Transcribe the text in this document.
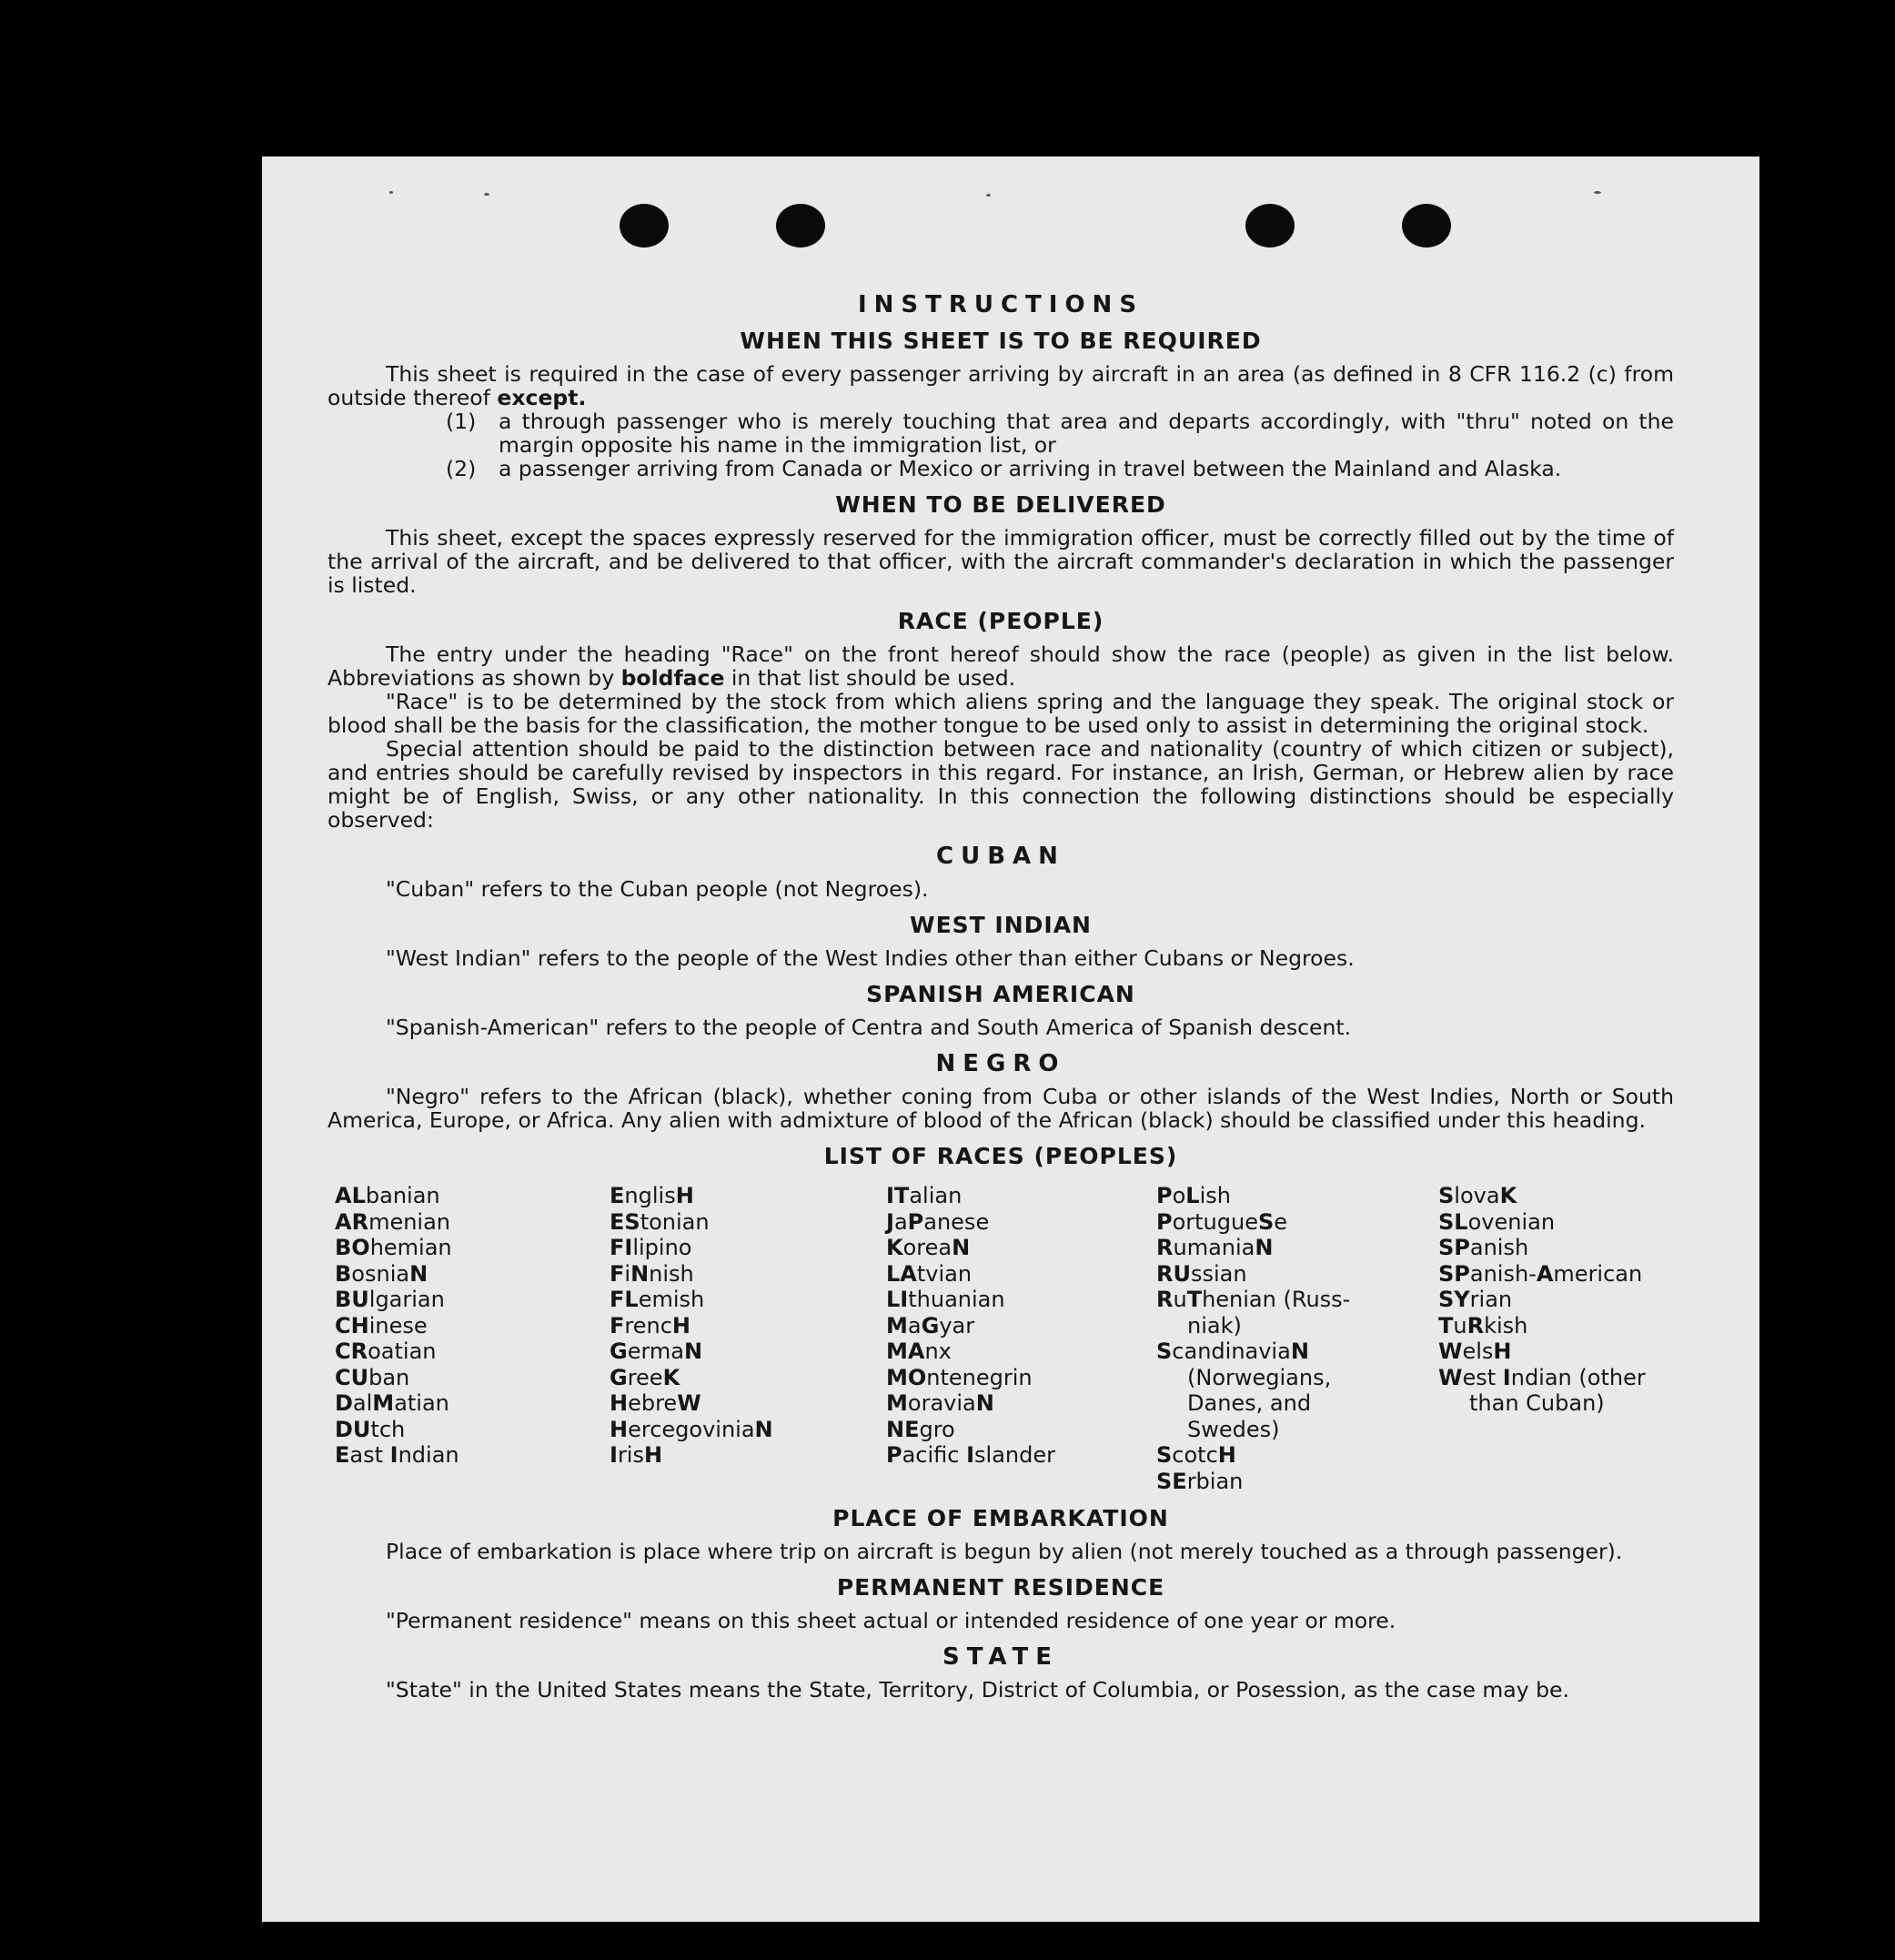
INSTRUCTIONS
WHEN THIS SHEET IS TO BE REQUIRED

This sheet is required in the case of every passenger arriving by aircraft in an area (as defined in 8 CFR 116.2 (c) from outside thereof except.

(1)	a through passenger who is merely touching that area and departs accordingly, with "thru" noted on the margin opposite his name in the immigration list, or
(2)	a passenger arriving from Canada or Mexico or arriving in travel between the Mainland and Alaska.
WHEN TO BE DELIVERED

This sheet, except the spaces expressly reserved for the immigration officer, must be correctly filled out by the time of the arrival of the aircraft, and be delivered to that officer, with the aircraft commander's declaration in which the passenger is listed.

RACE (PEOPLE)

The entry under the heading "Race" on the front hereof should show the race (people) as given in the list below. Abbreviations as shown by boldface in that list should be used.

"Race" is to be determined by the stock from which aliens spring and the language they speak. The original stock or blood shall be the basis for the classification, the mother tongue to be used only to assist in determining the original stock.

Special attention should be paid to the distinction between race and nationality (country of which citizen or subject), and entries should be carefully revised by inspectors in this regard. For instance, an Irish, German, or Hebrew alien by race might be of English, Swiss, or any other nationality. In this connection the following distinctions should be especially observed:

CUBAN

"Cuban" refers to the Cuban people (not Negroes).

WEST INDIAN

"West Indian" refers to the people of the West Indies other than either Cubans or Negroes.

SPANISH AMERICAN

"Spanish-American" refers to the people of Centra and South America of Spanish descent.

NEGRO

"Negro" refers to the African (black), whether coning from Cuba or other islands of the West Indies, North or South America, Europe, or Africa. Any alien with admixture of blood of the African (black) should be classified under this heading.

LIST OF RACES (PEOPLES)
ALbanian
ARmenian
BOhemian
BosniaN
BUlgarian
CHinese
CRoatian
CUban
DalMatian
DUtch
East Indian
EnglisH
EStonian
FIlipino
FiNnish
FLemish
FrencH
GermaN
GreeK
HebreW
HercegoviniaN
IrisH
ITalian
JaPanese
KoreaN
LAtvian
LIthuanian
MaGyar
MAnx
MOntenegrin
MoraviaN
NEgro
Pacific Islander
PoLish
PortugueSe
RumaniaN
RUssian
RuThenian (Russ-
niak)
ScandinaviaN
(Norwegians,
Danes, and
Swedes)
ScotcH
SErbian
SlovaK
SLovenian
SPanish
SPanish-American
SYrian
TuRkish
WelsH
West Indian (other
than Cuban)
PLACE OF EMBARKATION

Place of embarkation is place where trip on aircraft is begun by alien (not merely touched as a through passenger).

PERMANENT RESIDENCE

"Permanent residence" means on this sheet actual or intended residence of one year or more.

STATE

"State" in the United States means the State, Territory, District of Columbia, or Posession, as the case may be.
